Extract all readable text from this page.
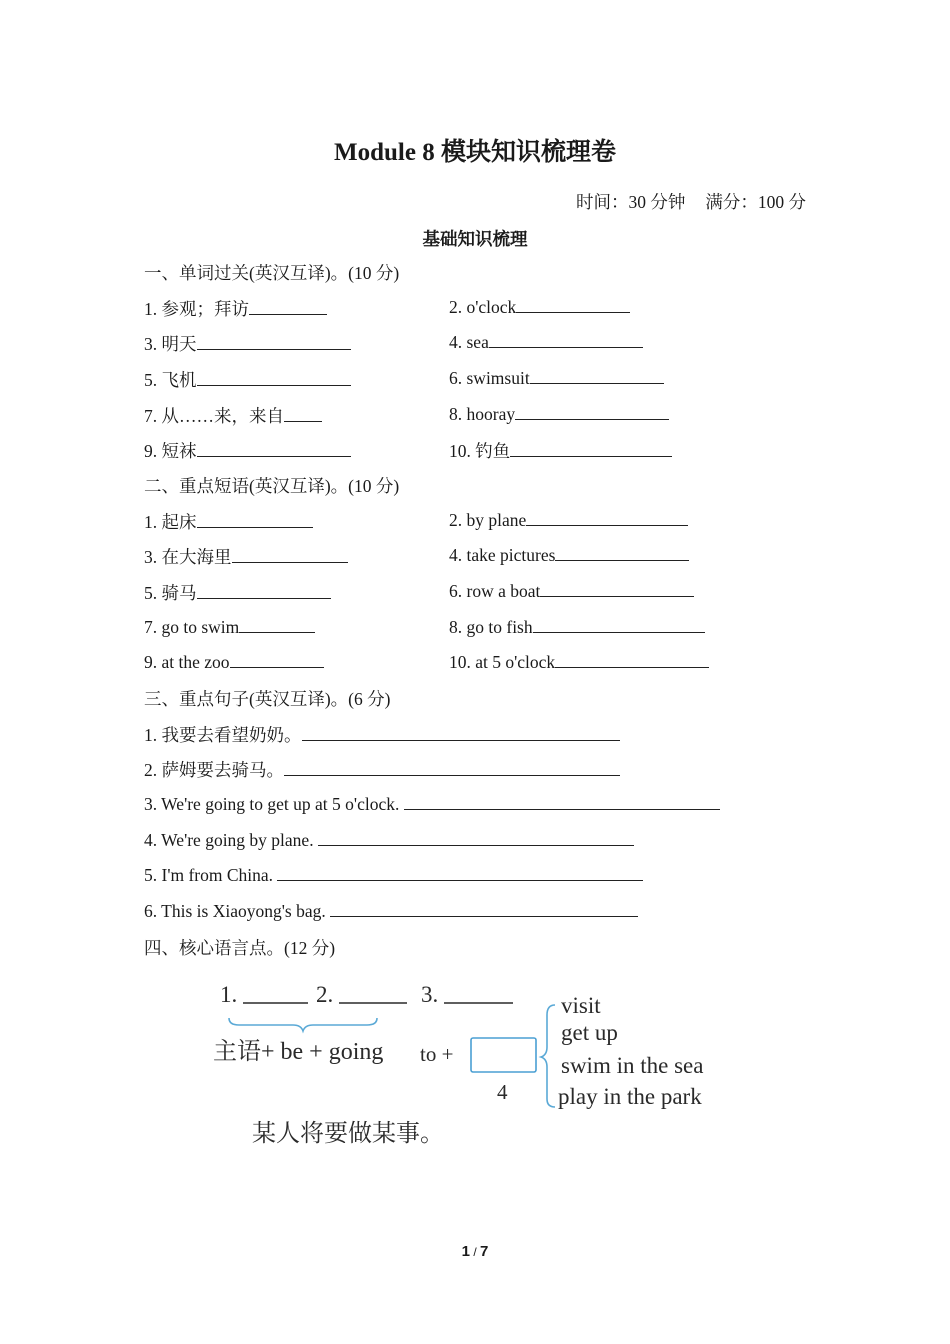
Module 8 模块知识梳理卷
时间：30 分钟 满分：100 分
基础知识梳理
一、单词过关(英汉互译)。(10 分)
1. 参观；拜访	2. o'clock
3. 明天	4. sea
5. 飞机	6. swimsuit
7. 从……来，来自	8. hooray
9. 短袜	10. 钓鱼
二、重点短语(英汉互译)。(10 分)
1. 起床	2. by plane
3. 在大海里	4. take pictures
5. 骑马	6. row a boat
7. go to swim	8. go to fish
9. at the zoo	10. at 5 o'clock
三、重点句子(英汉互译)。(6 分)
1. 我要去看望奶奶。
2. 萨姆要去骑马。
3. We're going to get up at 5 o'clock.
4. We're going by plane.
5. I'm from China.
6. This is Xiaoyong's bag.
四、核心语言点。(12 分)
1.	2.	3.
主语+ be + going to +
4
visit
get up
swim in the sea
play in the park
某人将要做某事。
1 / 7
